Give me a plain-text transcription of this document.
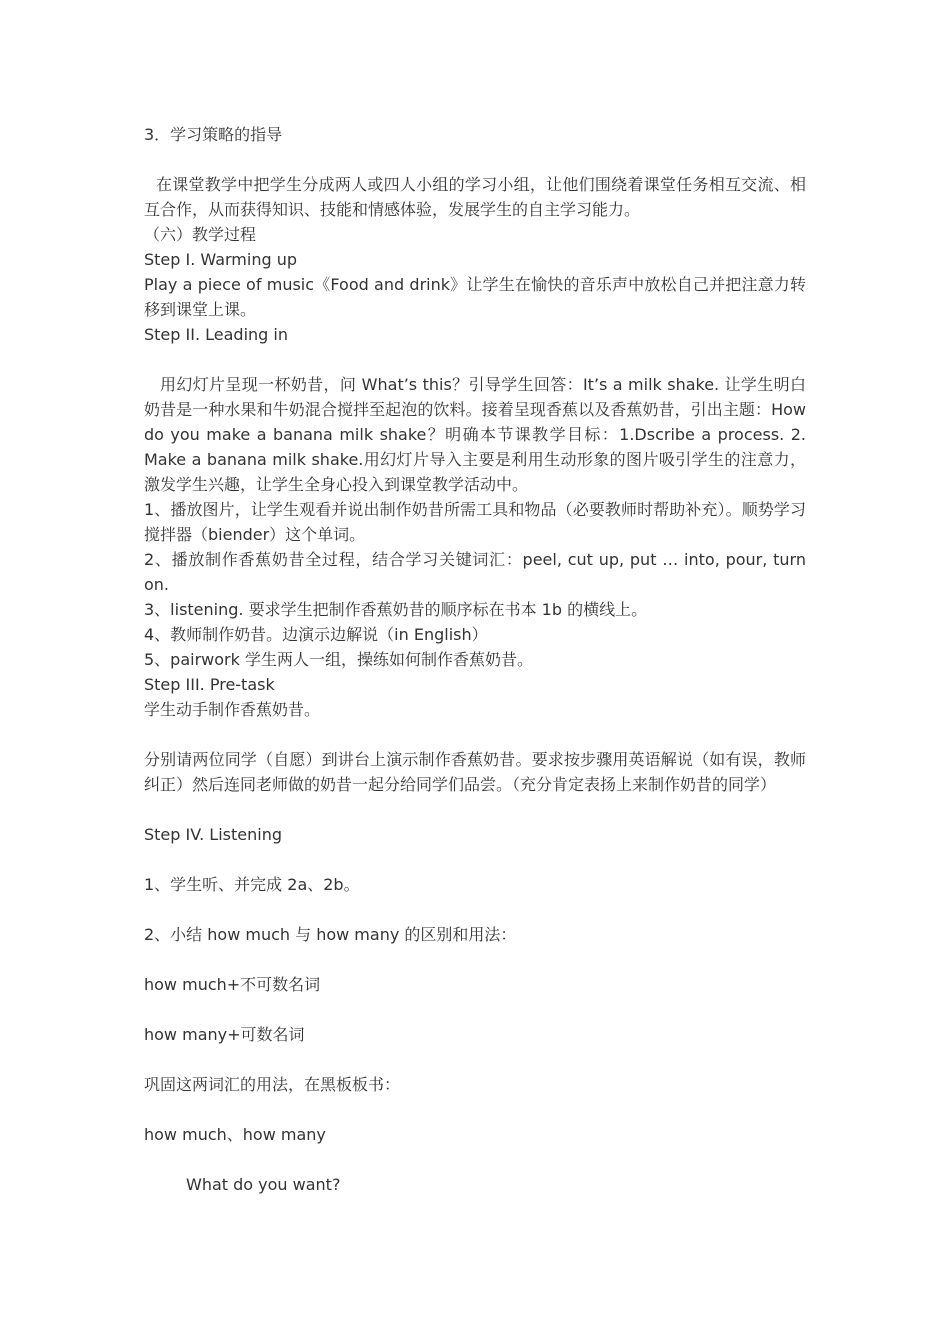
3．学习策略的指导

在课堂教学中把学生分成两人或四人小组的学习小组，让他们围绕着课堂任务相互交流、相互合作，从而获得知识、技能和情感体验，发展学生的自主学习能力。

（六）教学过程

Step I. Warming up

Play a piece of music《Food and drink》让学生在愉快的音乐声中放松自己并把注意力转移到课堂上课。

Step II. Leading in

用幻灯片呈现一杯奶昔，问 What’s this？引导学生回答：It’s a milk shake. 让学生明白奶昔是一种水果和牛奶混合搅拌至起泡的饮料。接着呈现香蕉以及香蕉奶昔，引出主题：How do you make a banana milk shake？明确本节课教学目标：1.Dscribe a process. 2. Make a banana milk shake.用幻灯片导入主要是利用生动形象的图片吸引学生的注意力，激发学生兴趣，让学生全身心投入到课堂教学活动中。

1、播放图片，让学生观看并说出制作奶昔所需工具和物品（必要教师时帮助补充）。顺势学习搅拌器（biender）这个单词。

2、播放制作香蕉奶昔全过程，结合学习关键词汇：peel, cut up, put … into, pour, turn on.

3、listening. 要求学生把制作香蕉奶昔的顺序标在书本 1b 的横线上。

4、教师制作奶昔。边演示边解说（in English）

5、pairwork 学生两人一组，操练如何制作香蕉奶昔。

Step III. Pre-task

学生动手制作香蕉奶昔。

分别请两位同学（自愿）到讲台上演示制作香蕉奶昔。要求按步骤用英语解说（如有误，教师纠正）然后连同老师做的奶昔一起分给同学们品尝。（充分肯定表扬上来制作奶昔的同学）

Step IV. Listening

1、学生听、并完成 2a、2b。

2、小结 how much 与 how many 的区别和用法：

how much+不可数名词

how many+可数名词

巩固这两词汇的用法，在黑板板书：

how much、how many

What do you want?
